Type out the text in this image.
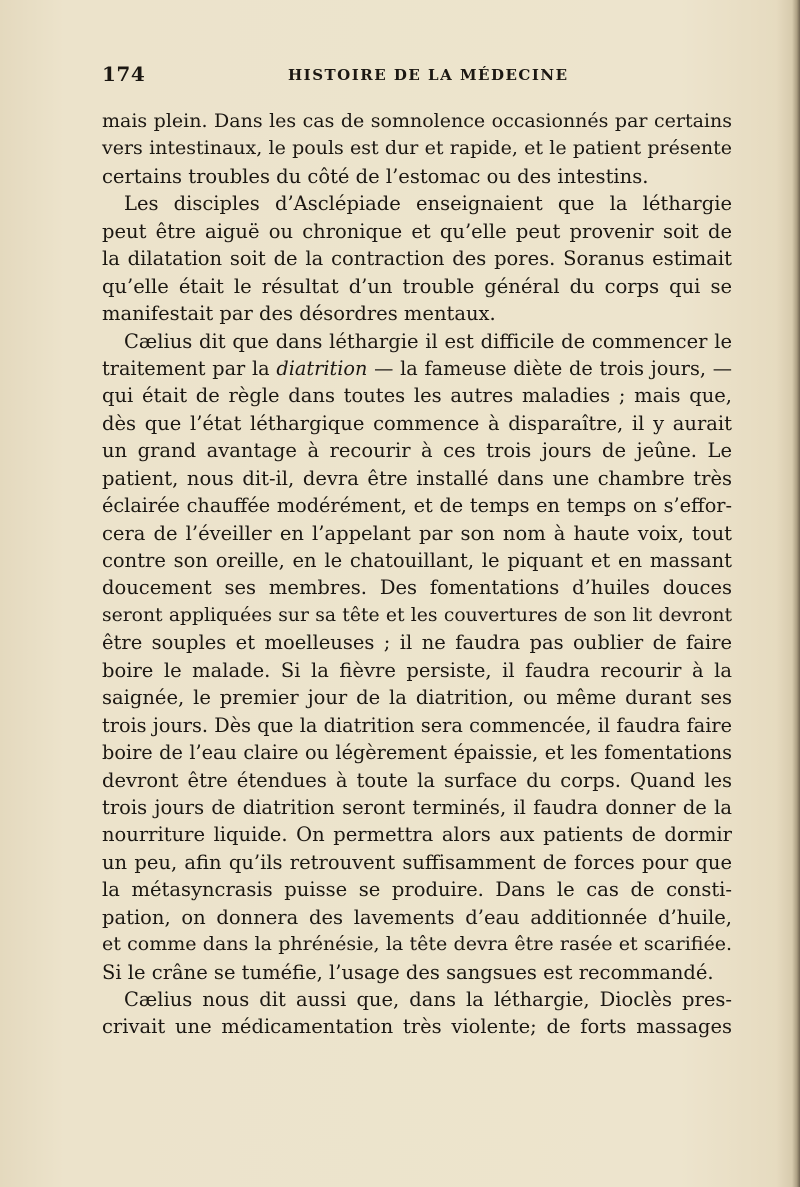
174	HISTOIRE DE LA MÉDECINE
mais plein. Dans les cas de somnolence occasionnés par certains
vers intestinaux, le pouls est dur et rapide, et le patient présente
certains troubles du côté de l’estomac ou des intestins.
Les disciples d’Asclépiade enseignaient que la léthargie
peut être aiguë ou chronique et qu’elle peut provenir soit de
la dilatation soit de la contraction des pores. Soranus estimait
qu’elle était le résultat d’un trouble général du corps qui se
manifestait par des désordres mentaux.
Cælius dit que dans léthargie il est difficile de commencer le
traitement par la diatrition — la fameuse diète de trois jours, —
qui était de règle dans toutes les autres maladies ; mais que,
dès que l’état léthargique commence à disparaître, il y aurait
un grand avantage à recourir à ces trois jours de jeûne. Le
patient, nous dit-il, devra être installé dans une chambre très
éclairée chauffée modérément, et de temps en temps on s’effor-
cera de l’éveiller en l’appelant par son nom à haute voix, tout
contre son oreille, en le chatouillant, le piquant et en massant
doucement ses membres. Des fomentations d’huiles douces
seront appliquées sur sa tête et les couvertures de son lit devront
être souples et moelleuses ; il ne faudra pas oublier de faire
boire le malade. Si la fièvre persiste, il faudra recourir à la
saignée, le premier jour de la diatrition, ou même durant ses
trois jours. Dès que la diatrition sera commencée, il faudra faire
boire de l’eau claire ou légèrement épaissie, et les fomentations
devront être étendues à toute la surface du corps. Quand les
trois jours de diatrition seront terminés, il faudra donner de la
nourriture liquide. On permettra alors aux patients de dormir
un peu, afin qu’ils retrouvent suffisamment de forces pour que
la métasyncrasis puisse se produire. Dans le cas de consti-
pation, on donnera des lavements d’eau additionnée d’huile,
et comme dans la phrénésie, la tête devra être rasée et scarifiée.
Si le crâne se tuméfie, l’usage des sangsues est recommandé.
Cælius nous dit aussi que, dans la léthargie, Dioclès pres-
crivait une médicamentation très violente; de forts massages
